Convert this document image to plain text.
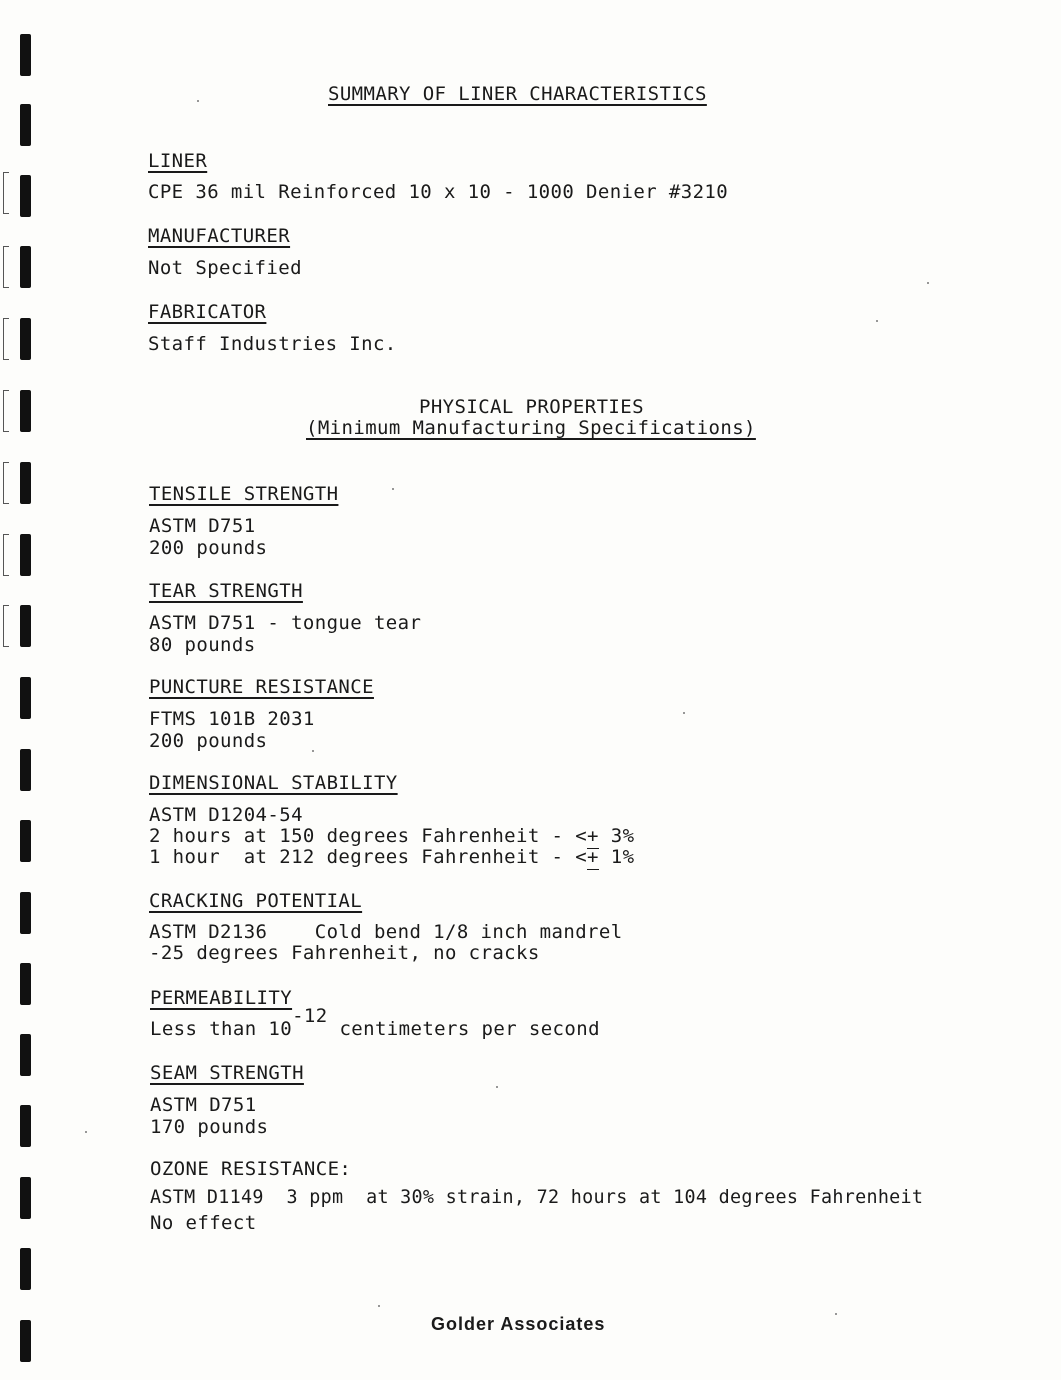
SUMMARY OF LINER CHARACTERISTICS
LINER
CPE 36 mil Reinforced 10 x 10 - 1000 Denier #3210
MANUFACTURER
Not Specified
FABRICATOR
Staff Industries Inc.
PHYSICAL PROPERTIES
(Minimum Manufacturing Specifications)
TENSILE STRENGTH
ASTM D751
200 pounds
TEAR STRENGTH
ASTM D751 - tongue tear
80 pounds
PUNCTURE RESISTANCE
FTMS 101B 2031
200 pounds
DIMENSIONAL STABILITY
ASTM D1204-54
2 hours at 150 degrees Fahrenheit - <+ 3%
1 hour  at 212 degrees Fahrenheit - <+ 1%
CRACKING POTENTIAL
ASTM D2136    Cold bend 1/8 inch mandrel
-25 degrees Fahrenheit, no cracks
PERMEABILITY
Less than 10-12 centimeters per second
SEAM STRENGTH
ASTM D751
170 pounds
OZONE RESISTANCE:
ASTM D1149  3 ppm  at 30% strain, 72 hours at 104 degrees Fahrenheit
No effect
Golder Associates
